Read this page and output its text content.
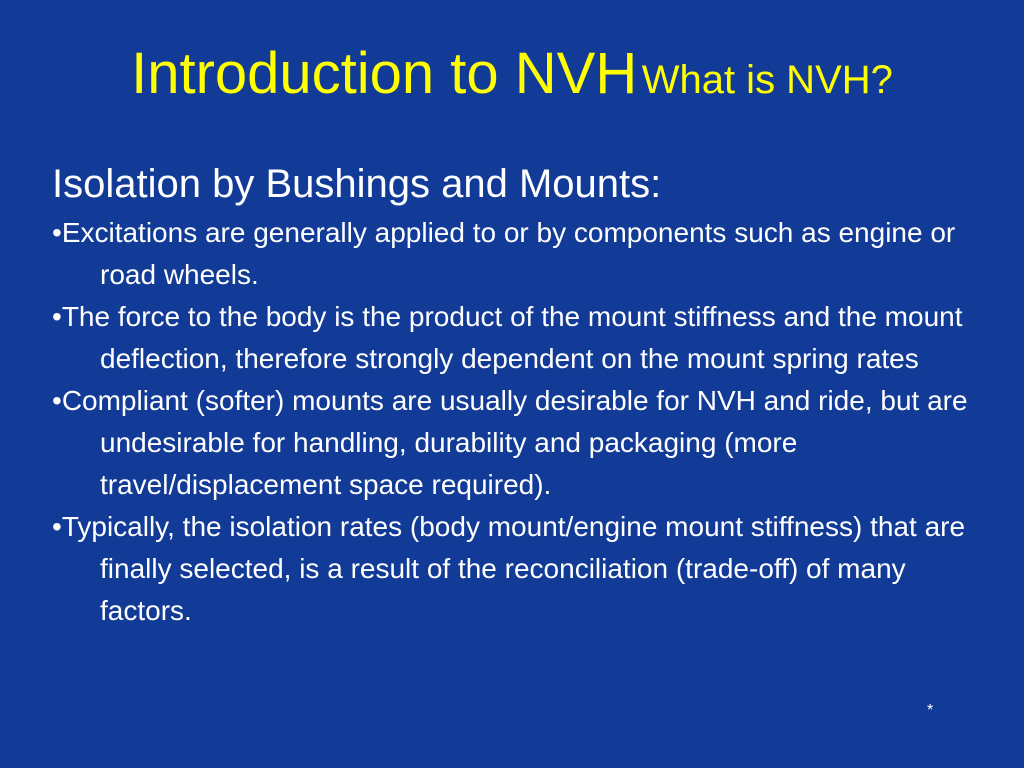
Introduction to NVH What is NVH?
Isolation by Bushings and Mounts:
•Excitations are generally applied to or by components such as engine or road wheels.
•The force to the body is the product of the mount stiffness and the mount deflection, therefore strongly dependent on the mount spring rates
•Compliant (softer) mounts are usually desirable for NVH and ride, but are undesirable for handling, durability and packaging (more travel/displacement space required).
•Typically, the isolation rates (body mount/engine mount stiffness) that are finally selected, is a result of the reconciliation (trade-off) of many factors.
*
